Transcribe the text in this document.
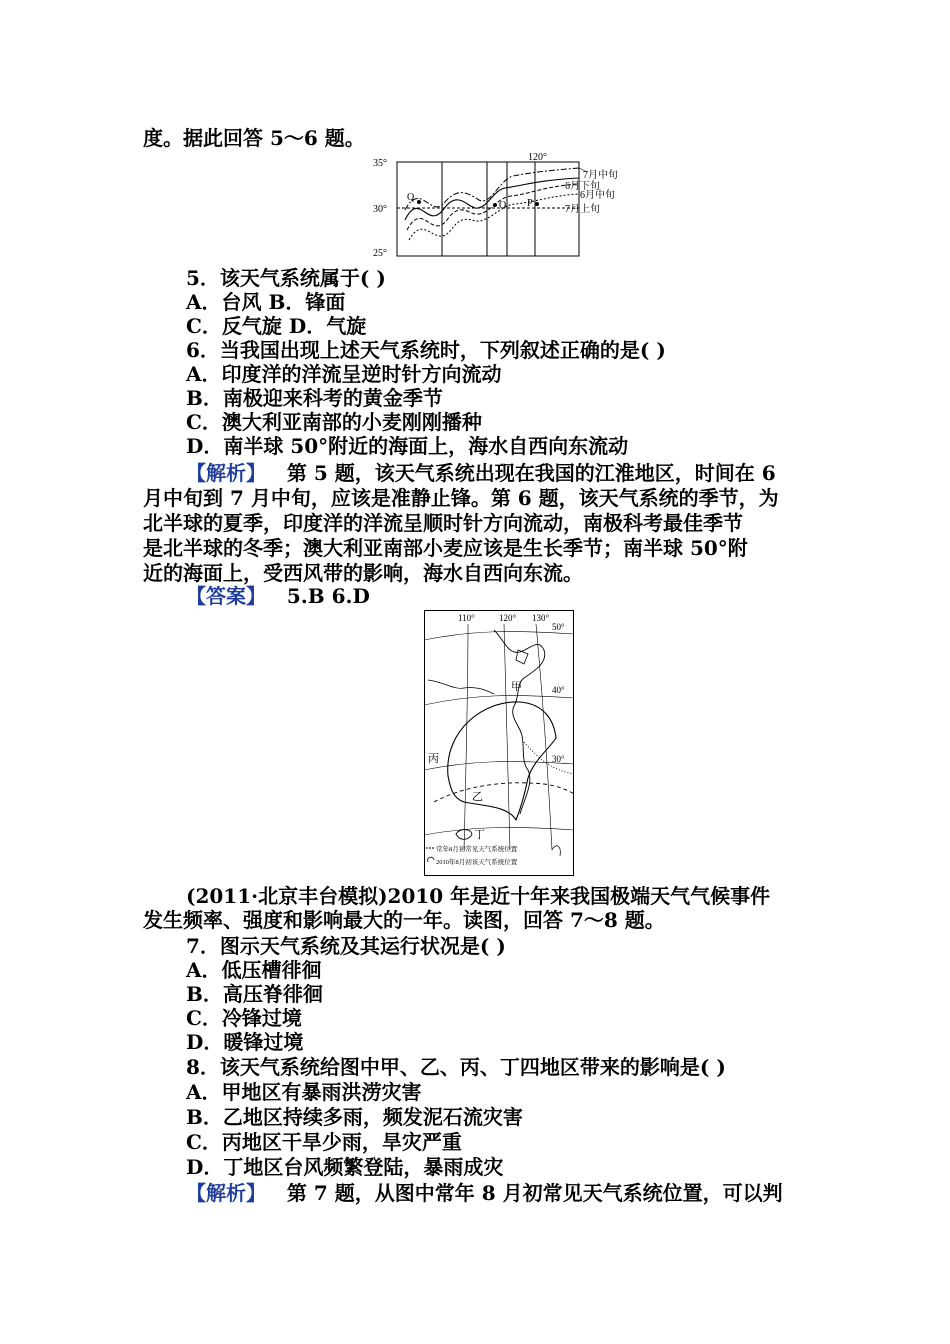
度。据此回答 5～6 题。
35°
30°
25°
120°
Q
O P
7月中旬
6月下旬
6月中旬
7月上旬
5．该天气系统属于( )
A．台风 B．锋面
C．反气旋 D．气旋
6．当我国出现上述天气系统时，下列叙述正确的是( )
A．印度洋的洋流呈逆时针方向流动
B．南极迎来科考的黄金季节
C．澳大利亚南部的小麦刚刚播种
D．南半球 50°附近的海面上，海水自西向东流动
【解析】 第 5 题，该天气系统出现在我国的江淮地区，时间在 6
月中旬到 7 月中旬，应该是准静止锋。第 6 题，该天气系统的季节，为
北半球的夏季，印度洋的洋流呈顺时针方向流动，南极科考最佳季节
是北半球的冬季；澳大利亚南部小麦应该是生长季节；南半球 50°附
近的海面上，受西风带的影响，海水自西向东流。
【答案】 5.B 6.D
110°	120° 130°
50°
40°
30°
甲
乙
丙
丁
常年8月初常见天气系统位置
2010年8月初该天气系统位置
(2011·北京丰台模拟)2010 年是近十年来我国极端天气气候事件
发生频率、强度和影响最大的一年。读图，回答 7～8 题。
7．图示天气系统及其运行状况是( )
A．低压槽徘徊
B．高压脊徘徊
C．冷锋过境
D．暖锋过境
8．该天气系统给图中甲、乙、丙、丁四地区带来的影响是( )
A．甲地区有暴雨洪涝灾害
B．乙地区持续多雨，频发泥石流灾害
C．丙地区干旱少雨，旱灾严重
D．丁地区台风频繁登陆，暴雨成灾
【解析】 第 7 题，从图中常年 8 月初常见天气系统位置，可以判
